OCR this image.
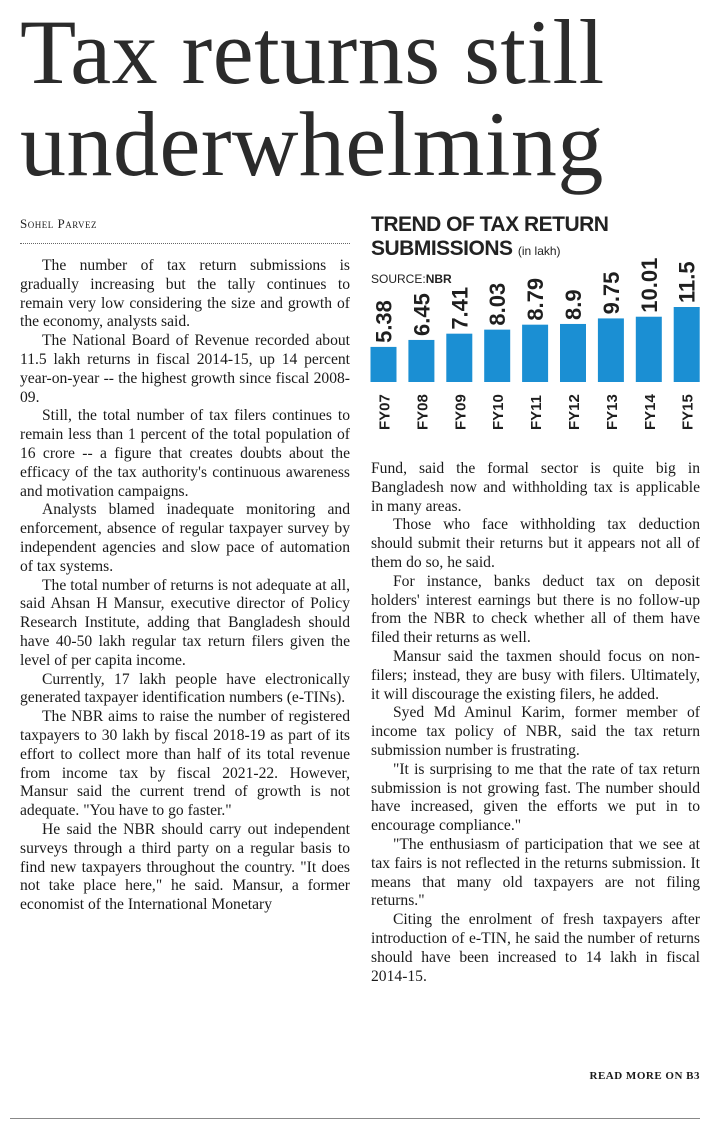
Tax returns still underwhelming
Sohel Parvez

The number of tax return submissions is gradually increasing but the tally continues to remain very low considering the size and growth of the economy, analysts said.

The National Board of Revenue recorded about 11.5 lakh returns in fiscal 2014-15, up 14 percent year-on-year -- the highest growth since fiscal 2008-09.

Still, the total number of tax filers continues to remain less than 1 percent of the total population of 16 crore -- a figure that creates doubts about the efficacy of the tax authority's continuous awareness and motivation campaigns.

Analysts blamed inadequate monitoring and enforcement, absence of regular taxpayer survey by independent agencies and slow pace of automation of tax systems.

The total number of returns is not adequate at all, said Ahsan H Mansur, executive director of Policy Research Institute, adding that Bangladesh should have 40-50 lakh regular tax return filers given the level of per capita income.

Currently, 17 lakh people have electronically generated taxpayer identification numbers (e-TINs).

The NBR aims to raise the number of registered taxpayers to 30 lakh by fiscal 2018-19 as part of its effort to collect more than half of its total revenue from income tax by fiscal 2021-22. However, Mansur said the current trend of growth is not adequate. "You have to go faster."

He said the NBR should carry out independent surveys through a third party on a regular basis to find new taxpayers throughout the country. "It does not take place here," he said. Mansur, a former economist of the International Monetary

TREND OF TAX RETURN SUBMISSIONS (in lakh)
SOURCE:NBR
5.38
FY07
6.45
FY08
7.41
FY09
8.03
FY10
8.79
FY11
8.9
FY12
9.75
FY13
10.01
FY14
11.5
FY15

Fund, said the formal sector is quite big in Bangladesh now and withholding tax is applicable in many areas.

Those who face withholding tax deduction should submit their returns but it appears not all of them do so, he said.

For instance, banks deduct tax on deposit holders' interest earnings but there is no follow-up from the NBR to check whether all of them have filed their returns as well.

Mansur said the taxmen should focus on non-filers; instead, they are busy with filers. Ultimately, it will discourage the existing filers, he added.

Syed Md Aminul Karim, former member of income tax policy of NBR, said the tax return submission number is frustrating.

"It is surprising to me that the rate of tax return submission is not growing fast. The number should have increased, given the efforts we put in to encourage compliance."

"The enthusiasm of participation that we see at tax fairs is not reflected in the returns submission. It means that many old taxpayers are not filing returns."

Citing the enrolment of fresh taxpayers after introduction of e-TIN, he said the number of returns should have been increased to 14 lakh in fiscal 2014-15.

READ MORE ON B3
